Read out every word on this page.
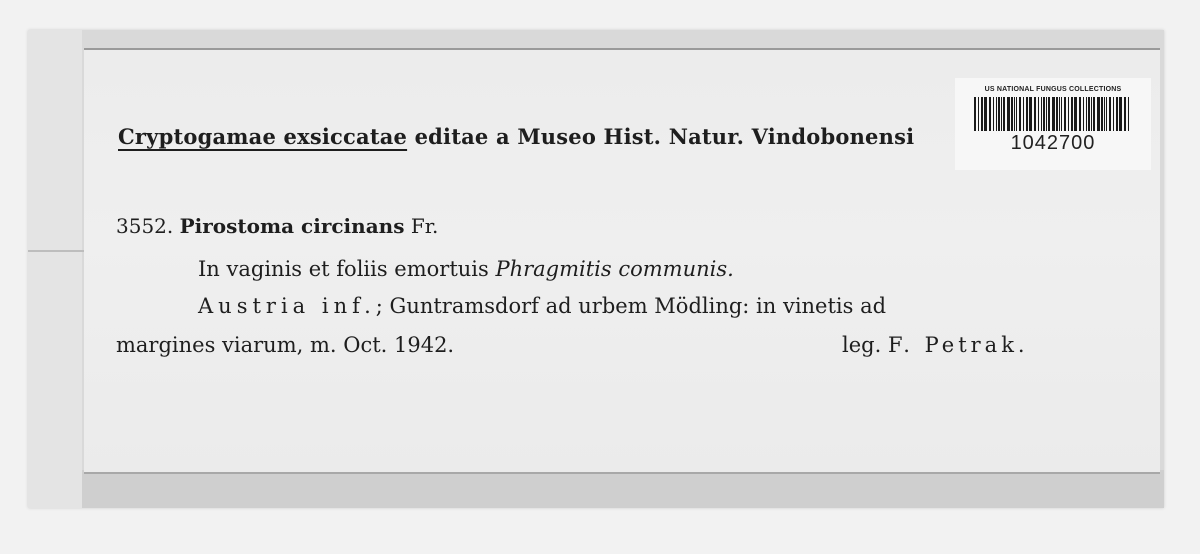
Cryptogamae exsiccatae editae a Museo Hist. Natur. Vindobonensi
3552. Pirostoma circinans Fr.
In vaginis et foliis emortuis Phragmitis communis.
Austria inf.; Guntramsdorf ad urbem Mödling: in vinetis ad
margines viarum, m. Oct. 1942.	leg. F. Petrak.
US NATIONAL FUNGUS COLLECTIONS
1042700
